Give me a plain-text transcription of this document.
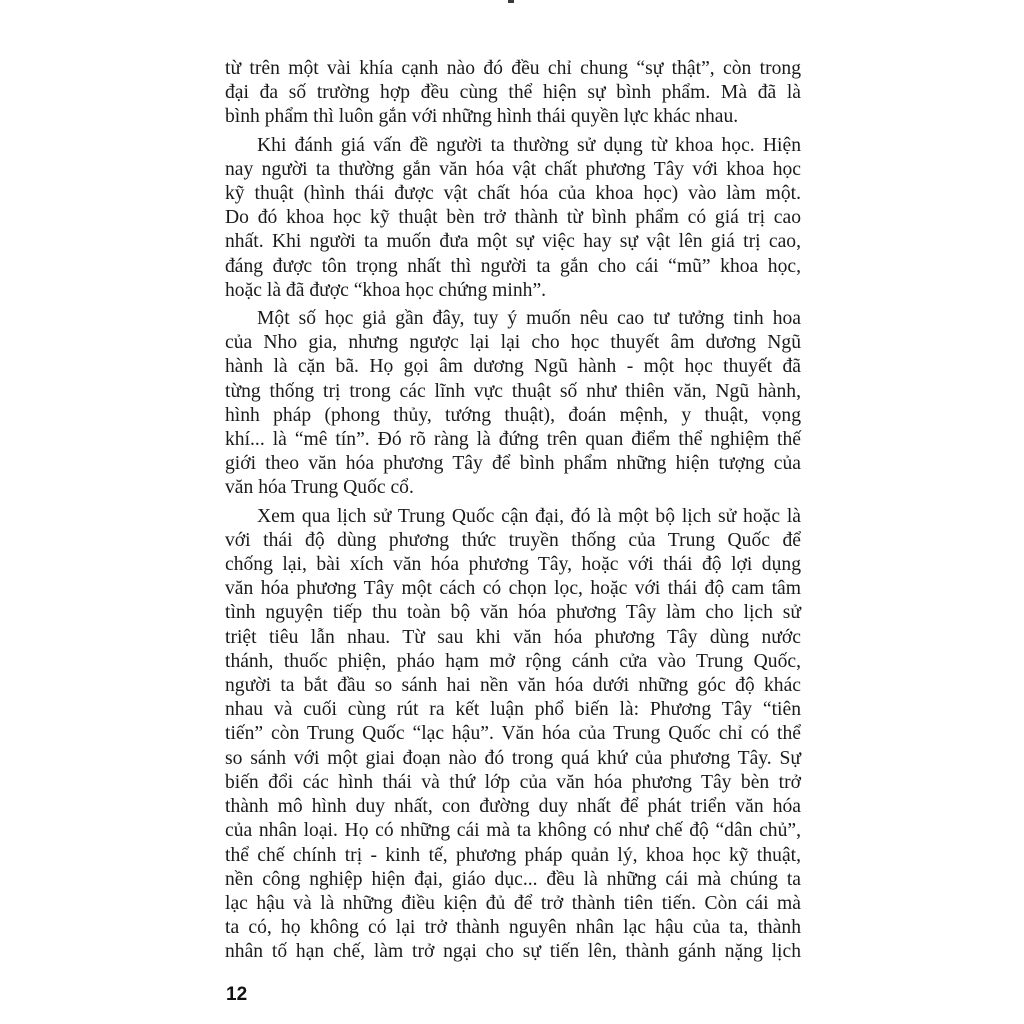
từ trên một vài khía cạnh nào đó đều chỉ chung “sự thật”, còn trong
đại đa số trường hợp đều cùng thể hiện sự bình phẩm. Mà đã là
bình phẩm thì luôn gắn với những hình thái quyền lực khác nhau.
Khi đánh giá vấn đề người ta thường sử dụng từ khoa học. Hiện
nay người ta thường gắn văn hóa vật chất phương Tây với khoa học
kỹ thuật (hình thái được vật chất hóa của khoa học) vào làm một.
Do đó khoa học kỹ thuật bèn trở thành từ bình phẩm có giá trị cao
nhất. Khi người ta muốn đưa một sự việc hay sự vật lên giá trị cao,
đáng được tôn trọng nhất thì người ta gắn cho cái “mũ” khoa học,
hoặc là đã được “khoa học chứng minh”.
Một số học giả gần đây, tuy ý muốn nêu cao tư tưởng tinh hoa
của Nho gia, nhưng ngược lại lại cho học thuyết âm dương Ngũ
hành là cặn bã. Họ gọi âm dương Ngũ hành - một học thuyết đã
từng thống trị trong các lĩnh vực thuật số như thiên văn, Ngũ hành,
hình pháp (phong thủy, tướng thuật), đoán mệnh, y thuật, vọng
khí... là “mê tín”. Đó rõ ràng là đứng trên quan điểm thể nghiệm thế
giới theo văn hóa phương Tây để bình phẩm những hiện tượng của
văn hóa Trung Quốc cổ.
Xem qua lịch sử Trung Quốc cận đại, đó là một bộ lịch sử hoặc là
với thái độ dùng phương thức truyền thống của Trung Quốc để
chống lại, bài xích văn hóa phương Tây, hoặc với thái độ lợi dụng
văn hóa phương Tây một cách có chọn lọc, hoặc với thái độ cam tâm
tình nguyện tiếp thu toàn bộ văn hóa phương Tây làm cho lịch sử
triệt tiêu lẫn nhau. Từ sau khi văn hóa phương Tây dùng nước
thánh, thuốc phiện, pháo hạm mở rộng cánh cửa vào Trung Quốc,
người ta bắt đầu so sánh hai nền văn hóa dưới những góc độ khác
nhau và cuối cùng rút ra kết luận phổ biến là: Phương Tây “tiên
tiến” còn Trung Quốc “lạc hậu”. Văn hóa của Trung Quốc chỉ có thể
so sánh với một giai đoạn nào đó trong quá khứ của phương Tây. Sự
biến đổi các hình thái và thứ lớp của văn hóa phương Tây bèn trở
thành mô hình duy nhất, con đường duy nhất để phát triển văn hóa
của nhân loại. Họ có những cái mà ta không có như chế độ “dân chủ”,
thể chế chính trị - kinh tế, phương pháp quản lý, khoa học kỹ thuật,
nền công nghiệp hiện đại, giáo dục... đều là những cái mà chúng ta
lạc hậu và là những điều kiện đủ để trở thành tiên tiến. Còn cái mà
ta có, họ không có lại trở thành nguyên nhân lạc hậu của ta, thành
nhân tố hạn chế, làm trở ngại cho sự tiến lên, thành gánh nặng lịch
12
